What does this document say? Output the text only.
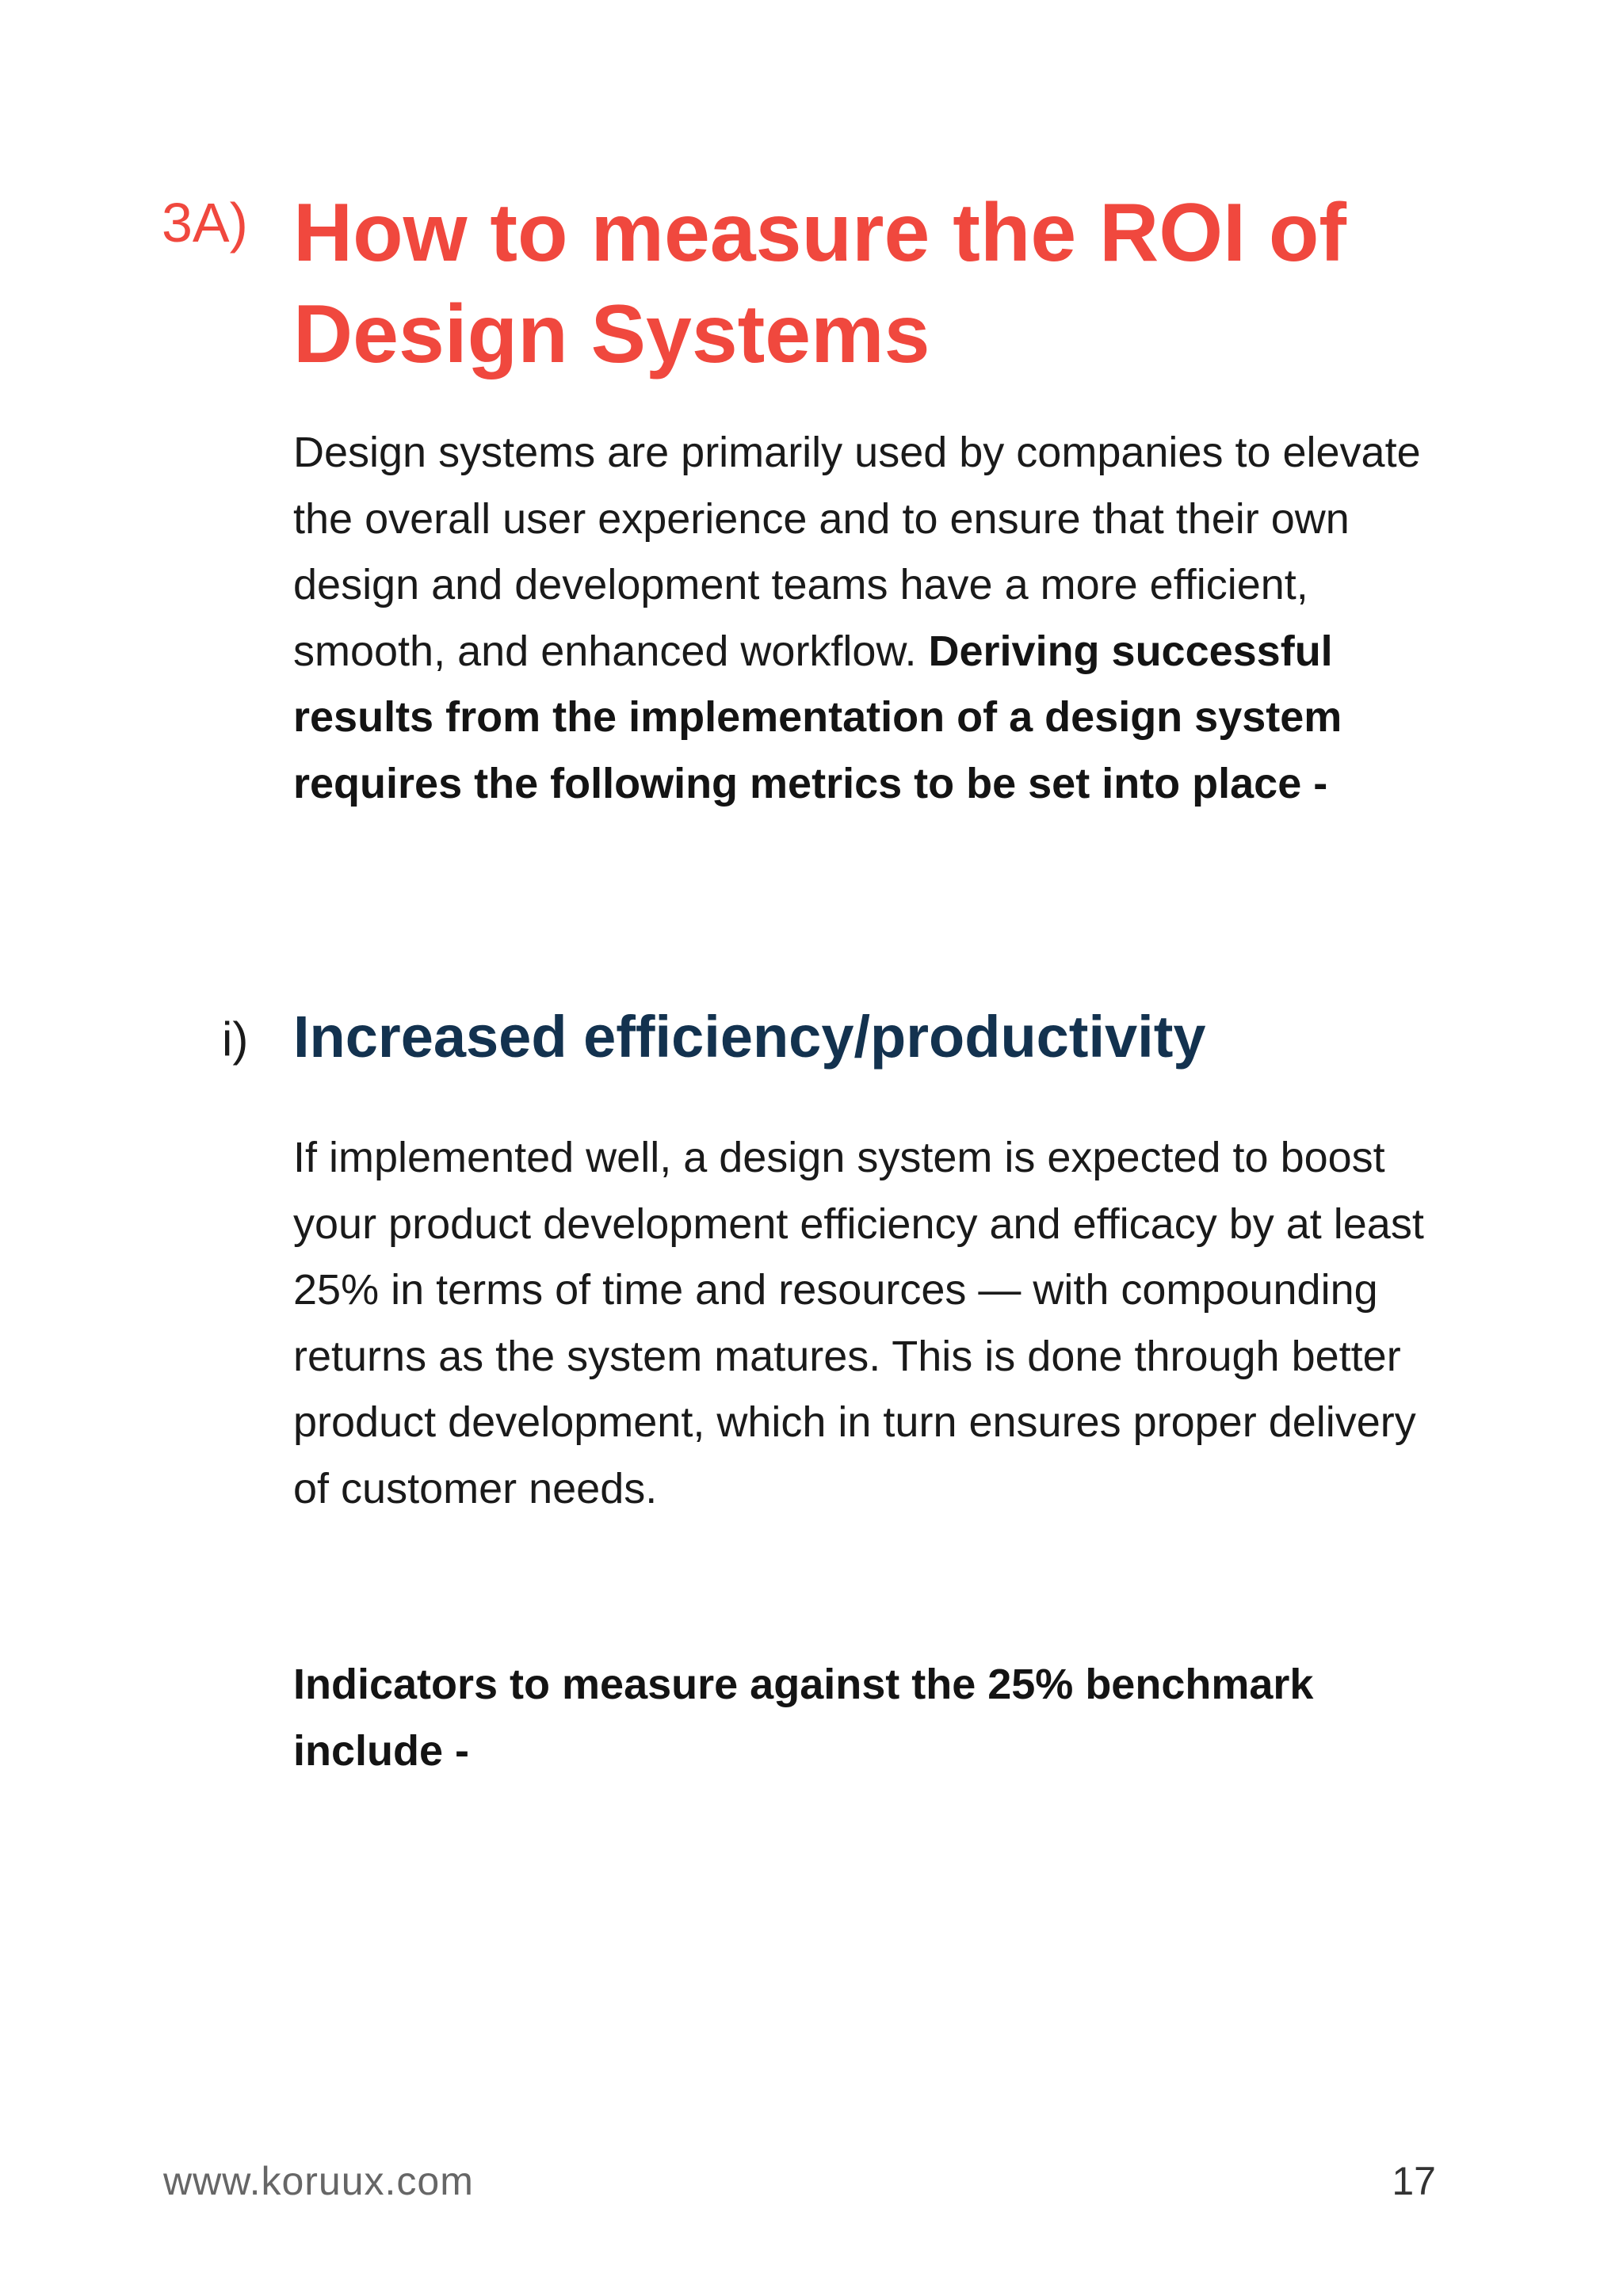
3A) How to measure the ROI of Design Systems

Design systems are primarily used by companies to elevate the overall user experience and to ensure that their own design and development teams have a more efficient, smooth, and enhanced workflow. Deriving successful results from the implementation of a design system requires the following metrics to be set into place -

i) Increased efficiency/productivity

If implemented well, a design system is expected to boost your product development efficiency and efficacy by at least 25% in terms of time and resources — with compounding returns as the system matures. This is done through better product development, which in turn ensures proper delivery of customer needs.

Indicators to measure against the 25% benchmark include -

www.koruux.com	17
